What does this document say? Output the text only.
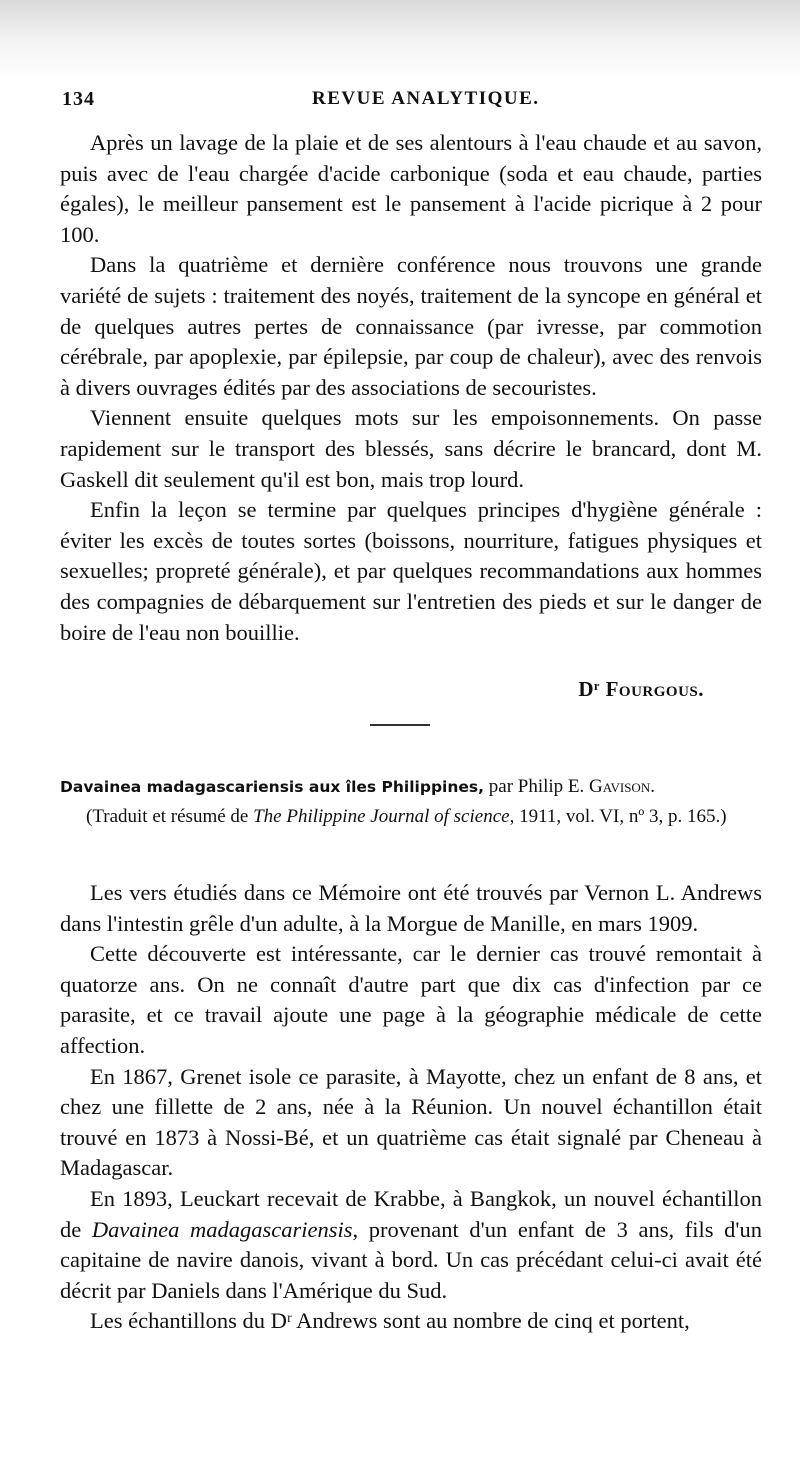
134	REVUE ANALYTIQUE.

Après un lavage de la plaie et de ses alentours à l'eau chaude et au savon, puis avec de l'eau chargée d'acide carbonique (soda et eau chaude, parties égales), le meilleur pansement est le pansement à l'acide picrique à 2 pour 100.

Dans la quatrième et dernière conférence nous trouvons une grande variété de sujets : traitement des noyés, traitement de la syncope en général et de quelques autres pertes de connaissance (par ivresse, par commotion cérébrale, par apoplexie, par épilepsie, par coup de chaleur), avec des renvois à divers ouvrages édités par des associations de secouristes.

Viennent ensuite quelques mots sur les empoisonnements. On passe rapidement sur le transport des blessés, sans décrire le brancard, dont M. Gaskell dit seulement qu'il est bon, mais trop lourd.

Enfin la leçon se termine par quelques principes d'hygiène générale : éviter les excès de toutes sortes (boissons, nourriture, fatigues physiques et sexuelles; propreté générale), et par quelques recommandations aux hommes des compagnies de débarquement sur l'entretien des pieds et sur le danger de boire de l'eau non bouillie.

Dʳ Fourgous.
Davainea madagascariensis aux îles Philippines, par Philip E. Gavison.
(Traduit et résumé de The Philippine Journal of science, 1911, vol. VI, nº 3, p. 165.)

Les vers étudiés dans ce Mémoire ont été trouvés par Vernon L. Andrews dans l'intestin grêle d'un adulte, à la Morgue de Manille, en mars 1909.

Cette découverte est intéressante, car le dernier cas trouvé remontait à quatorze ans. On ne connaît d'autre part que dix cas d'infection par ce parasite, et ce travail ajoute une page à la géographie médicale de cette affection.

En 1867, Grenet isole ce parasite, à Mayotte, chez un enfant de 8 ans, et chez une fillette de 2 ans, née à la Réunion. Un nouvel échantillon était trouvé en 1873 à Nossi-Bé, et un quatrième cas était signalé par Cheneau à Madagascar.

En 1893, Leuckart recevait de Krabbe, à Bangkok, un nouvel échantillon de Davainea madagascariensis, provenant d'un enfant de 3 ans, fils d'un capitaine de navire danois, vivant à bord. Un cas précédant celui-ci avait été décrit par Daniels dans l'Amérique du Sud.

Les échantillons du Dʳ Andrews sont au nombre de cinq et portent,
